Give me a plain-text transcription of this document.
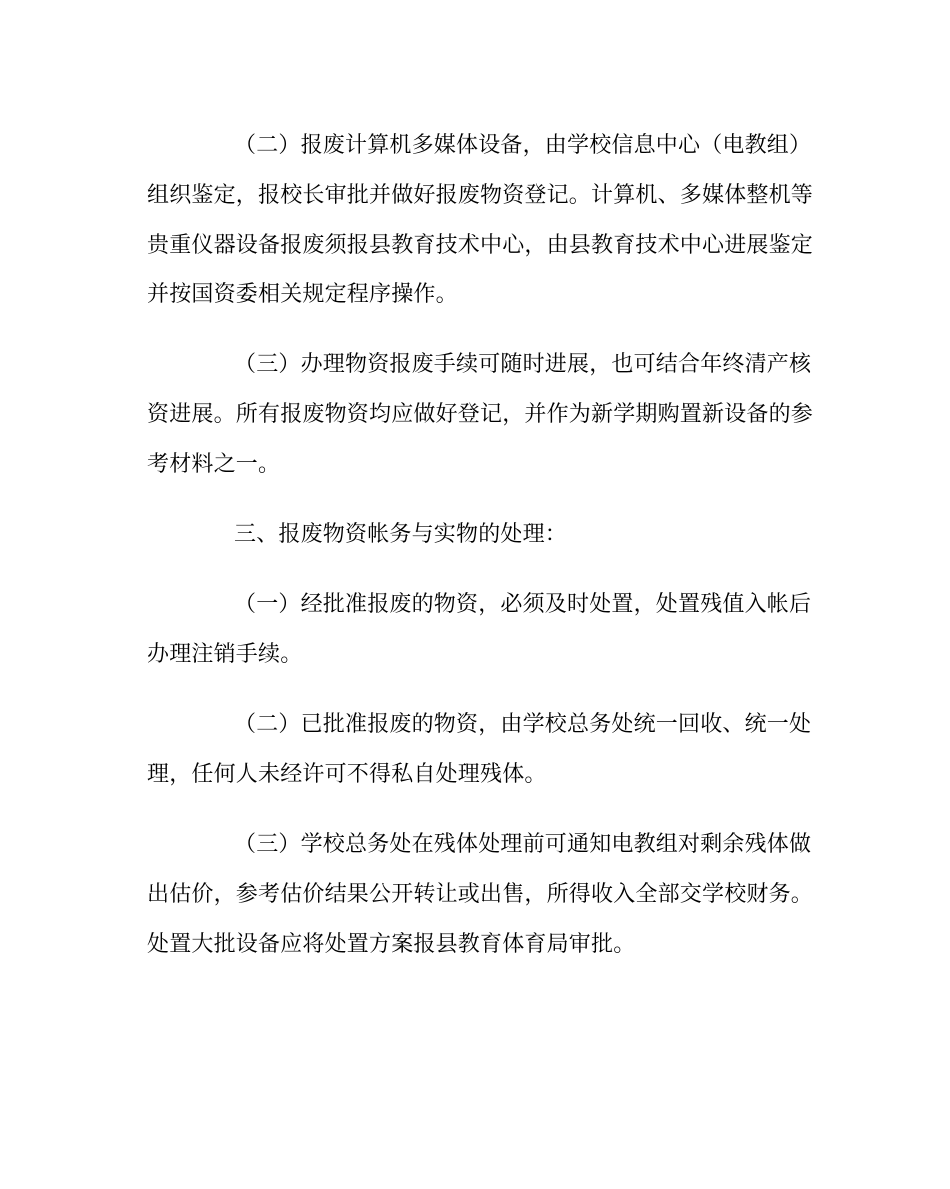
（二）报废计算机多媒体设备，由学校信息中心（电教组）
组织鉴定，报校长审批并做好报废物资登记。计算机、多媒体整机等
贵重仪器设备报废须报县教育技术中心，由县教育技术中心进展鉴定
并按国资委相关规定程序操作。
（三）办理物资报废手续可随时进展，也可结合年终清产核
资进展。所有报废物资均应做好登记，并作为新学期购置新设备的参
考材料之一。
三、报废物资帐务与实物的处理：
（一）经批准报废的物资，必须及时处置，处置残值入帐后
办理注销手续。
（二）已批准报废的物资，由学校总务处统一回收、统一处
理，任何人未经许可不得私自处理残体。
（三）学校总务处在残体处理前可通知电教组对剩余残体做
出估价，参考估价结果公开转让或出售，所得收入全部交学校财务。
处置大批设备应将处置方案报县教育体育局审批。
